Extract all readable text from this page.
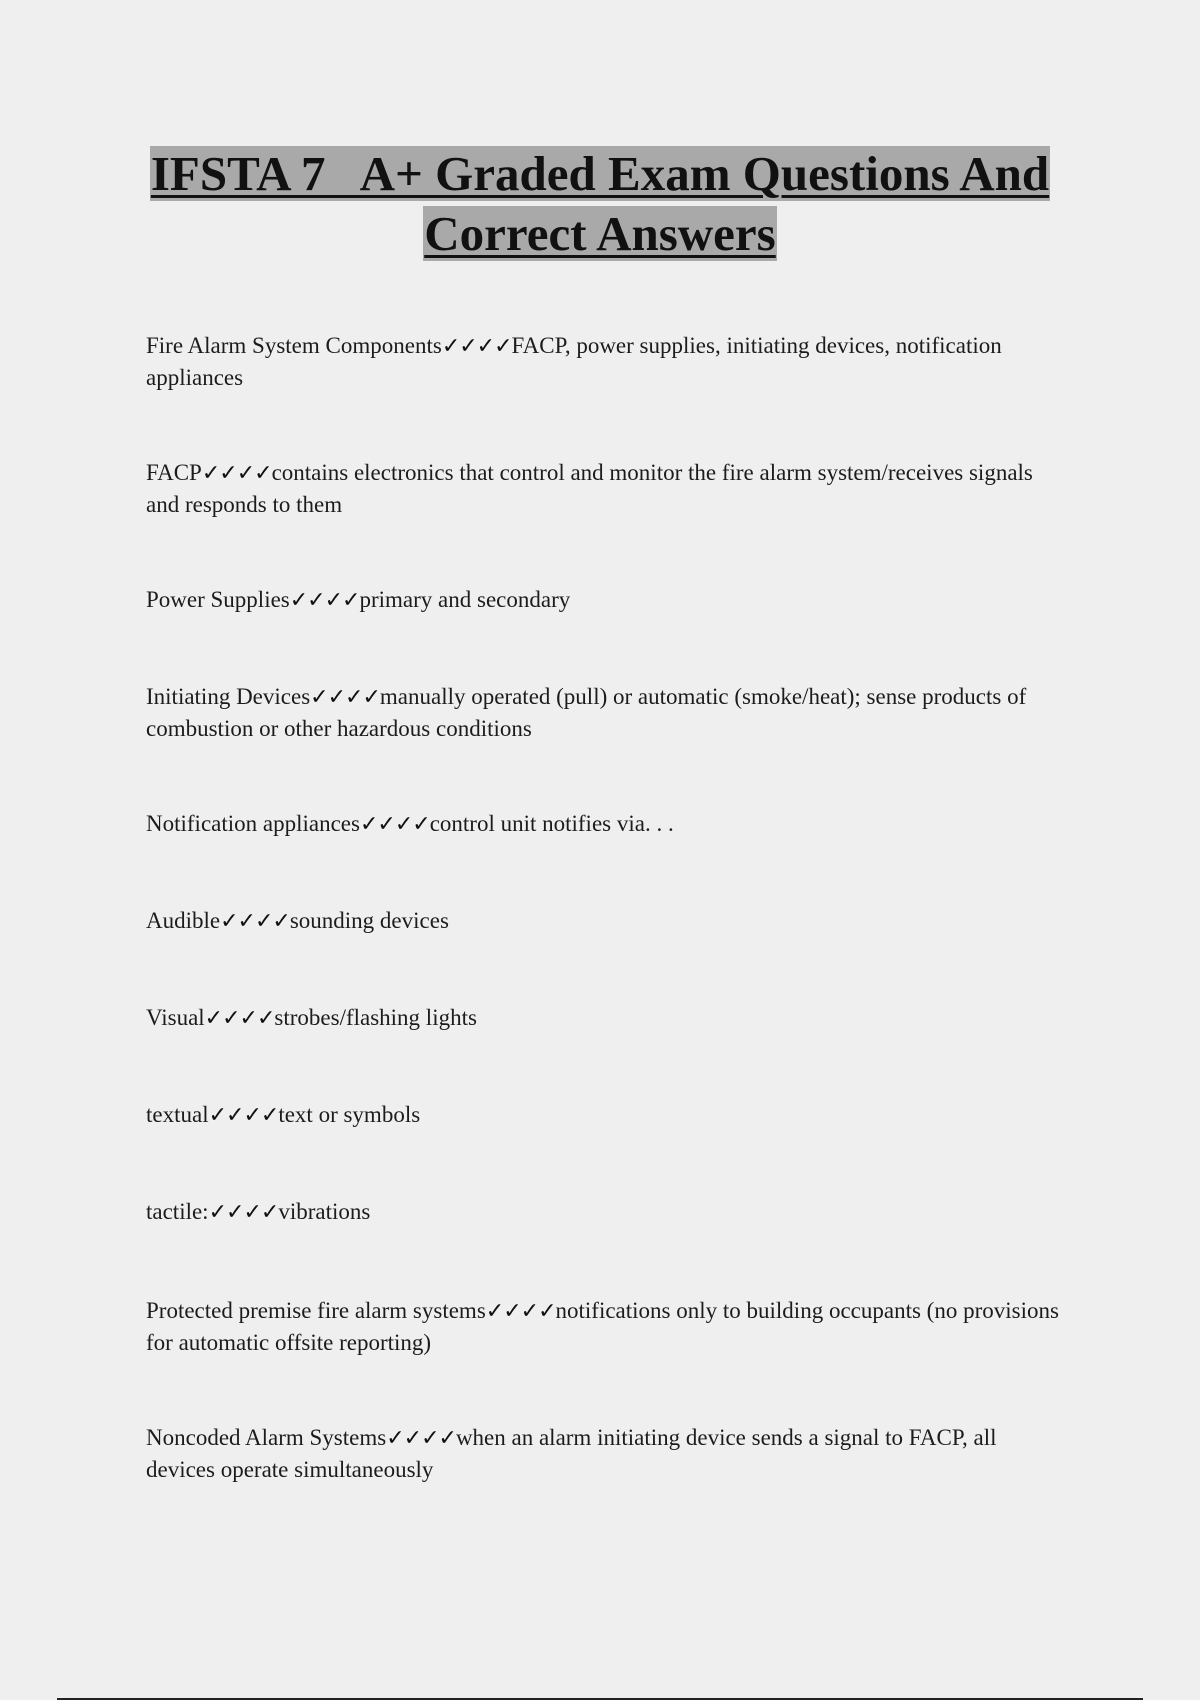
IFSTA 7   A+ Graded Exam Questions And
Correct Answers
Fire Alarm System Components✓✓✓✓FACP, power supplies, initiating devices, notification appliances
FACP✓✓✓✓contains electronics that control and monitor the fire alarm system/receives signals and responds to them
Power Supplies✓✓✓✓primary and secondary
Initiating Devices✓✓✓✓manually operated (pull) or automatic (smoke/heat); sense products of combustion or other hazardous conditions
Notification appliances✓✓✓✓control unit notifies via. . .
Audible✓✓✓✓sounding devices
Visual✓✓✓✓strobes/flashing lights
textual✓✓✓✓text or symbols
tactile:✓✓✓✓vibrations
Protected premise fire alarm systems✓✓✓✓notifications only to building occupants (no provisions for automatic offsite reporting)
Noncoded Alarm Systems✓✓✓✓when an alarm initiating device sends a signal to FACP, all devices operate simultaneously
